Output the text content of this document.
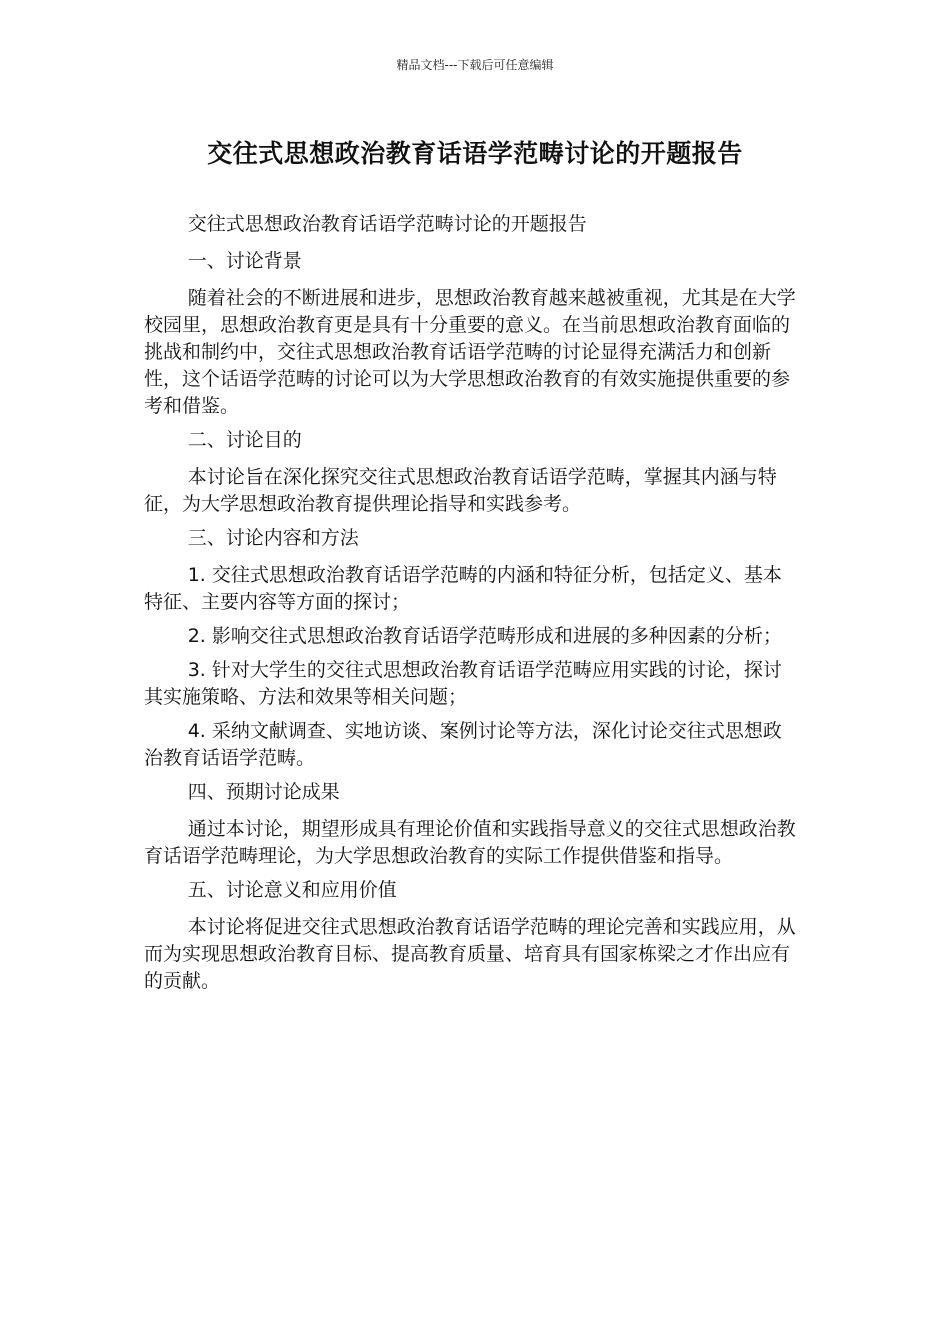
精品文档---下载后可任意编辑
交往式思想政治教育话语学范畴讨论的开题报告

交往式思想政治教育话语学范畴讨论的开题报告

一、讨论背景

随着社会的不断进展和进步，思想政治教育越来越被重视，尤其是在大学校园里，思想政治教育更是具有十分重要的意义。在当前思想政治教育面临的挑战和制约中，交往式思想政治教育话语学范畴的讨论显得充满活力和创新性，这个话语学范畴的讨论可以为大学思想政治教育的有效实施提供重要的参考和借鉴。

二、讨论目的

本讨论旨在深化探究交往式思想政治教育话语学范畴，掌握其内涵与特征，为大学思想政治教育提供理论指导和实践参考。

三、讨论内容和方法

1. 交往式思想政治教育话语学范畴的内涵和特征分析，包括定义、基本特征、主要内容等方面的探讨；

2. 影响交往式思想政治教育话语学范畴形成和进展的多种因素的分析；

3. 针对大学生的交往式思想政治教育话语学范畴应用实践的讨论，探讨其实施策略、方法和效果等相关问题；

4. 采纳文献调查、实地访谈、案例讨论等方法，深化讨论交往式思想政治教育话语学范畴。

四、预期讨论成果

通过本讨论，期望形成具有理论价值和实践指导意义的交往式思想政治教育话语学范畴理论，为大学思想政治教育的实际工作提供借鉴和指导。

五、讨论意义和应用价值

本讨论将促进交往式思想政治教育话语学范畴的理论完善和实践应用，从而为实现思想政治教育目标、提高教育质量、培育具有国家栋梁之才作出应有的贡献。
